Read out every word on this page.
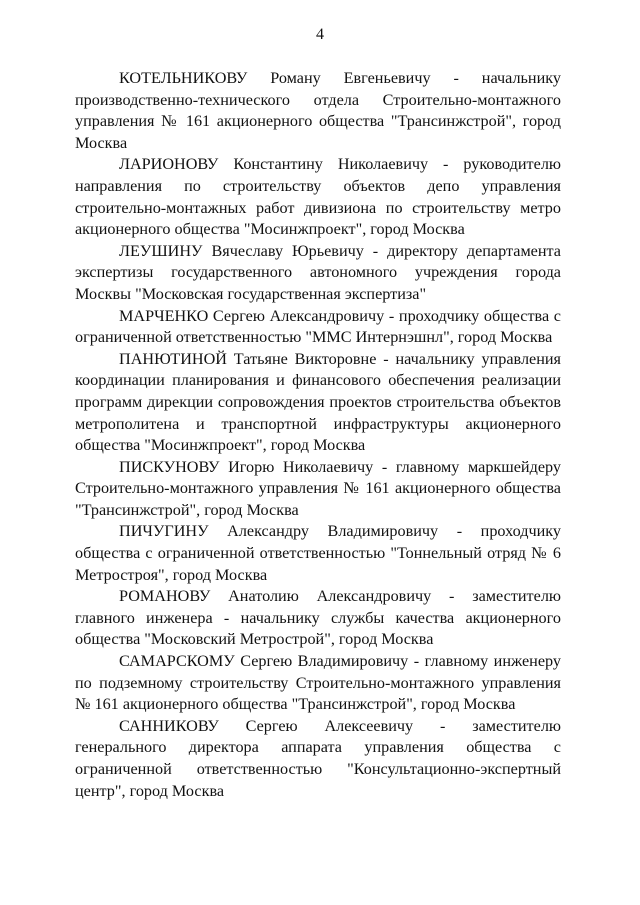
4

КОТЕЛЬНИКОВУ Роману Евгеньевичу - начальнику производственно-технического отдела Строительно-монтажного управления № 161 акционерного общества "Трансинжстрой", город Москва

ЛАРИОНОВУ Константину Николаевичу - руководителю направления по строительству объектов депо управления строительно-монтажных работ дивизиона по строительству метро акционерного общества "Мосинжпроект", город Москва

ЛЕУШИНУ Вячеславу Юрьевичу - директору департамента экспертизы государственного автономного учреждения города Москвы "Московская государственная экспертиза"

МАРЧЕНКО Сергею Александровичу - проходчику общества с ограниченной ответственностью "ММС Интернэшнл", город Москва

ПАНЮТИНОЙ Татьяне Викторовне - начальнику управления координации планирования и финансового обеспечения реализации программ дирекции сопровождения проектов строительства объектов метрополитена и транспортной инфраструктуры акционерного общества "Мосинжпроект", город Москва

ПИСКУНОВУ Игорю Николаевичу - главному маркшейдеру Строительно-монтажного управления № 161 акционерного общества "Трансинжстрой", город Москва

ПИЧУГИНУ Александру Владимировичу - проходчику общества с ограниченной ответственностью "Тоннельный отряд № 6 Метростроя", город Москва

РОМАНОВУ Анатолию Александровичу - заместителю главного инженера - начальнику службы качества акционерного общества "Московский Метрострой", город Москва

САМАРСКОМУ Сергею Владимировичу - главному инженеру по подземному строительству Строительно-монтажного управления № 161 акционерного общества "Трансинжстрой", город Москва

САННИКОВУ Сергею Алексеевичу - заместителю генерального директора аппарата управления общества с ограниченной ответственностью "Консультационно-экспертный центр", город Москва
